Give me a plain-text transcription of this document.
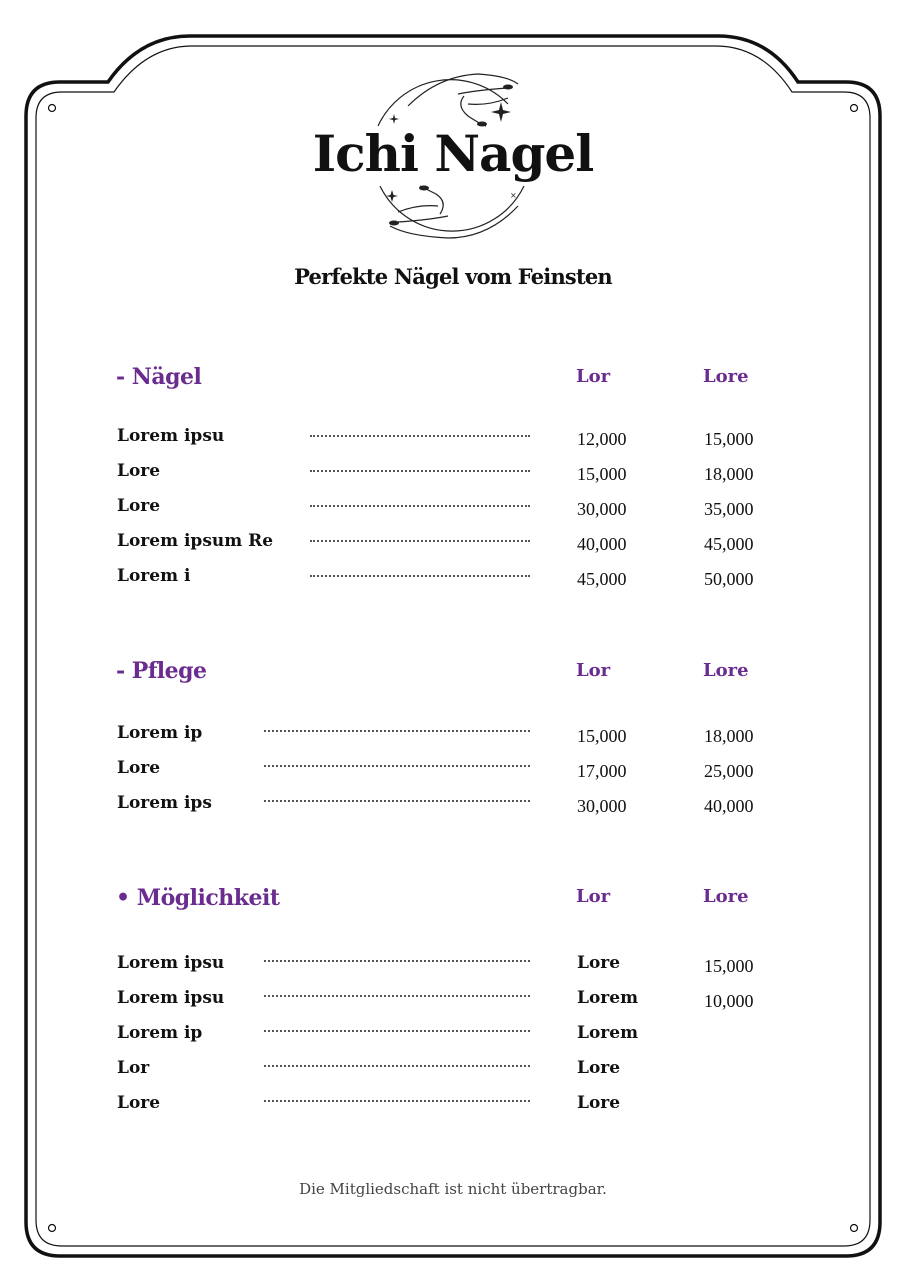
×
Ichi Nagel
Perfekte Nägel vom Feinsten
- Nägel	Lor	Lore
Lorem ipsu	12,000	15,000
Lore	15,000	18,000
Lore	30,000	35,000
Lorem ipsum Re	40,000	45,000
Lorem i	45,000	50,000
- Pflege	Lor	Lore
Lorem ip	15,000	18,000
Lore	17,000	25,000
Lorem ips	30,000	40,000
• Möglichkeit	Lor	Lore
Lorem ipsu	Lore	15,000
Lorem ipsu	Lorem	10,000
Lorem ip	Lorem
Lor	Lore
Lore	Lore
Die Mitgliedschaft ist nicht übertragbar.
